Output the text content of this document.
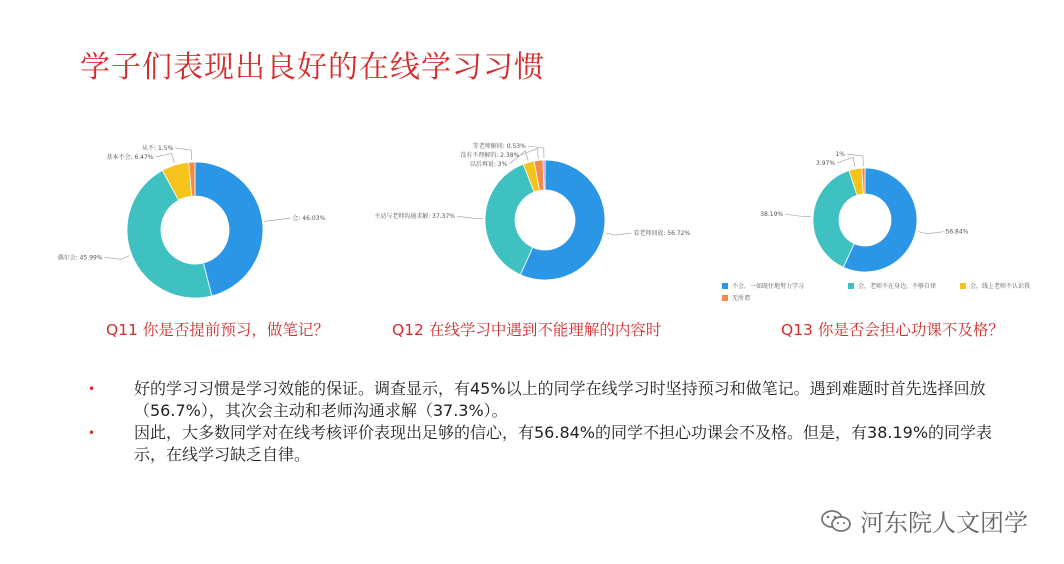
学子们表现出良好的在线学习习惯
会: 46.03%
偶尔会: 45.99%
基本不会: 6.47%
从不: 1.5%
看老师回放: 56.72%
主动与老师沟通求解: 37.37%
以后再说: 3%
没有不理解的: 2.38%
等老师解问: 0.53%
56.84%
38.19%
3.97%
1%
不会，一如既往地努力学习	会，老师不在身边，不够自律	会，线上老师不认识我
无所谓
Q11 你是否提前预习，做笔记？	Q12 在线学习中遇到不能理解的内容时	Q13 你是否会担心功课不及格？
•	好的学习习惯是学习效能的保证。调查显示，有45%以上的同学在线学习时坚持预习和做笔记。遇到难题时首先选择回放（56.7%），其次会主动和老师沟通求解（37.3%）。
•	因此，大多数同学对在线考核评价表现出足够的信心，有56.84%的同学不担心功课会不及格。但是，有38.19%的同学表示，在线学习缺乏自律。
河东院人文团学
